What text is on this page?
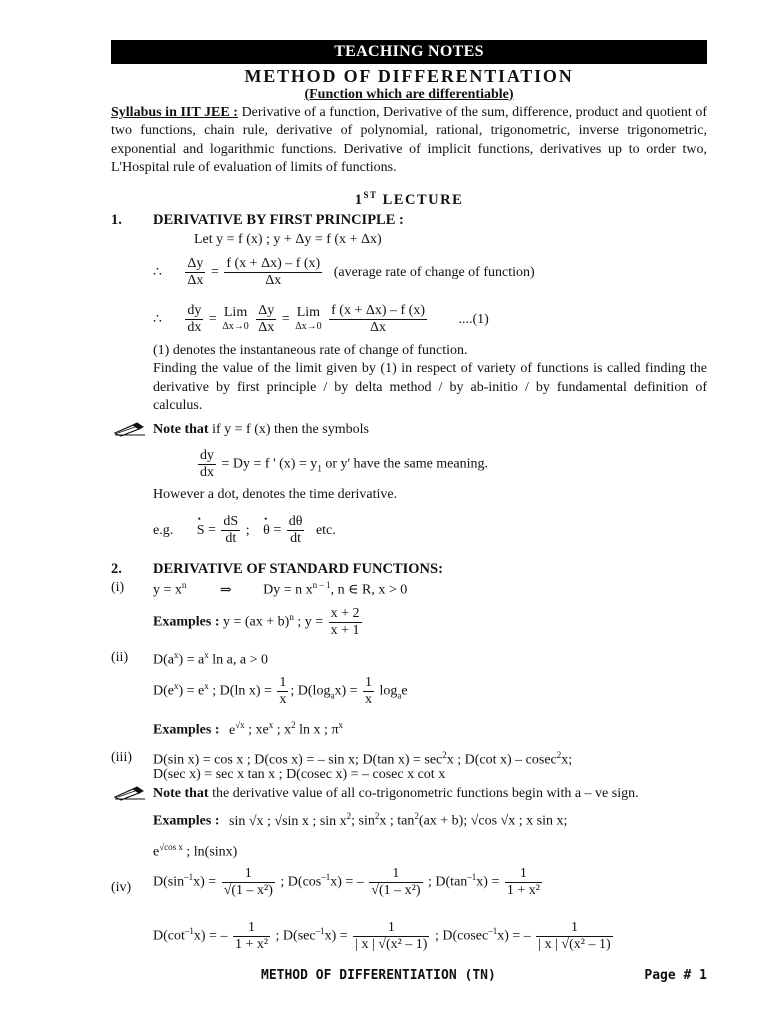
TEACHING NOTES
METHOD OF DIFFERENTIATION
(Function which are differentiable)
Syllabus in IIT JEE : Derivative of a function, Derivative of the sum, difference, product and quotient of two functions, chain rule, derivative of polynomial, rational, trigonometric, inverse trigonometric, exponential and logarithmic functions. Derivative of implicit functions, derivatives up to order two, L'Hospital rule of evaluation of limits of functions.
1ST LECTURE
1. DERIVATIVE BY FIRST PRINCIPLE :
Let y = f (x) ; y + Δy = f (x + Δx)
∴ $\frac{\Delta y}{\Delta x} = \frac{f (x + \Delta x) - f (x)}{\Delta x}$ (average rate of change of function)
∴ $\frac{dy}{dx}$ = Lim
Δx→0
$\frac{\Delta y}{\Delta x}$ = Lim
Δx→0
$\frac{f (x + \Delta x) - f (x)}{\Delta x} ....(1)$
(1) denotes the instantaneous rate of change of function.
Finding the value of the limit given by (1) in respect of variety of functions is called finding the derivative by first principle / by delta method / by ab-initio / by fundamental definition of calculus.
Note that if y = f (x) then the symbols
$\frac{dy}{dx} = Dy = f$ ' $(x) = y_1$ or y' have the same meaning.
However a dot, denotes the time derivative.
e.g. • $S = \frac{dS}{dt}$ ; • $\theta = \frac{d\theta}{dt}$ etc.
2. DERIVATIVE OF STANDARD FUNCTIONS:
(i) $y = x^n$ ⇒ Dy = n $x^{n - 1}$, n ∈ R, x > 0
Examples : y = (ax + b)$^n$ ; $y = \frac{x + 2}{x + 1}$
(ii) $D(a^x) = a^x$ ln a, a > 0
$D(e^x) = e^x$ ; D(ln $x) = \frac{1}{x}$ ; $D(\log_ax) = \frac{1}{x} \log_ae$
Examples : $e^{√x}$ ; $xe^x$ ; $x^2$ ln x ; $\pi^x$
(iii) D(sin x) = cos x ; D(cos x) = – sin x; D(tan $x) = \sec^2x$ ; D(cot x) – cosec$^2$x;
D(sec x) = sec x tan x ; D(cosec x) = – cosec x cot x
Note that the derivative value of all co-trigonometric functions begin with a – ve sign.
Examples : sin √x ; √sin x ; $\sin x^2$; $\sin^2x$ ; $\tan^2(ax + b)$; √cos √x ; x sin x;
$e^{√cos x}$ ; ln(sinx)
(iv) $D(\sin^{-1}x) = \frac{1}{\text{√(1 – x²)}}$ ; $D(\cos^{-1}x)$ = – $\frac{1}{\text{√(1 – x²)}}$ ; $D(\tan^{-1}x) = \frac{1}{\text{1 + x²}}$
$D(\cot^{-1}x)$ = – $\frac{1}{\text{1 + x²}}$ ; $D(\sec^{-1}x) = \frac{1}{\text{| x | √(x² – 1)}}$ ; D(cosec$^{-1}$x) = – $\frac{1}{\text{| x | √(x² – 1)}}$
METHOD OF DIFFERENTIATION (TN)	Page # 1
